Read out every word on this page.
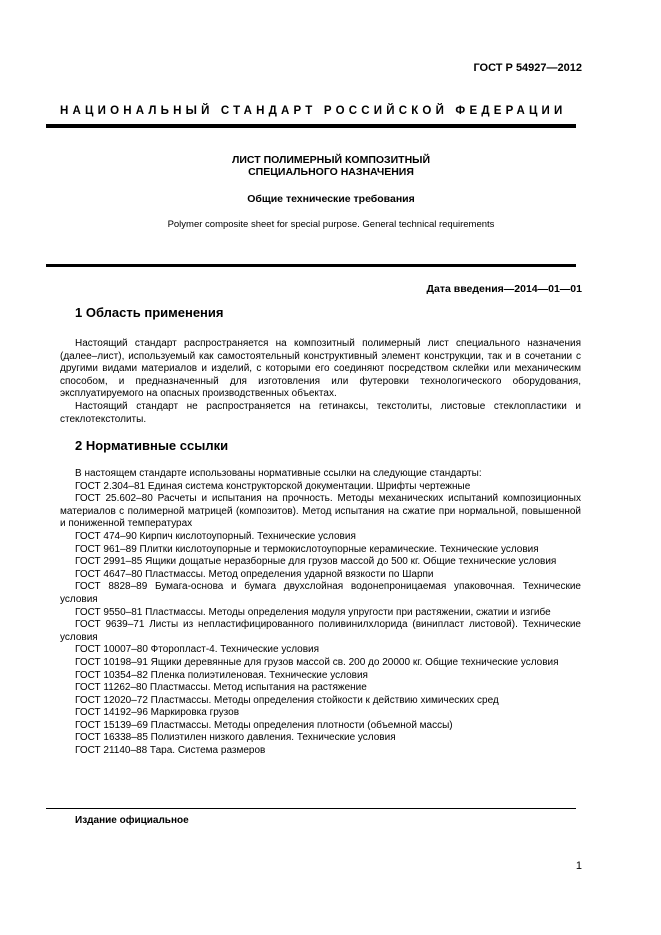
ГОСТ Р 54927—2012
НАЦИОНАЛЬНЫЙ СТАНДАРТ РОССИЙСКОЙ ФЕДЕРАЦИИ
ЛИСТ ПОЛИМЕРНЫЙ КОМПОЗИТНЫЙ
СПЕЦИАЛЬНОГО НАЗНАЧЕНИЯ
Общие технические требования
Polymer composite sheet for special purpose. General technical requirements
Дата введения—2014—01—01
1 Область применения

Настоящий стандарт распространяется на композитный полимерный лист специального назначения (далее–лист), используемый как самостоятельный конструктивный элемент конструкции, так и в сочетании с другими видами материалов и изделий, с которыми его соединяют посредством склейки или механическим способом, и предназначенный для изготовления или футеровки технологического оборудования, эксплуатируемого на опасных производственных объектах.

Настоящий стандарт не распространяется на гетинаксы, текстолиты, листовые стеклопластики и стеклотекстолиты.

2 Нормативные ссылки

В настоящем стандарте использованы нормативные ссылки на следующие стандарты:

ГОСТ 2.304–81 Единая система конструкторской документации. Шрифты чертежные

ГОСТ 25.602–80 Расчеты и испытания на прочность. Методы механических испытаний композиционных материалов с полимерной матрицей (композитов). Метод испытания на сжатие при нормальной, повышенной и пониженной температурах

ГОСТ 474–90 Кирпич кислотоупорный. Технические условия

ГОСТ 961–89 Плитки кислотоупорные и термокислотоупорные керамические. Технические условия

ГОСТ 2991–85 Ящики дощатые неразборные для грузов массой до 500 кг. Общие технические условия

ГОСТ 4647–80 Пластмассы. Метод определения ударной вязкости по Шарпи

ГОСТ 8828–89 Бумага-основа и бумага двухслойная водонепроницаемая упаковочная. Технические условия

ГОСТ 9550–81 Пластмассы. Методы определения модуля упругости при растяжении, сжатии и изгибе

ГОСТ 9639–71 Листы из непластифицированного поливинилхлорида (винипласт листовой). Технические условия

ГОСТ 10007–80 Фторопласт-4. Технические условия

ГОСТ 10198–91 Ящики деревянные для грузов массой св. 200 до 20000 кг. Общие технические условия

ГОСТ 10354–82 Пленка полиэтиленовая. Технические условия

ГОСТ 11262–80 Пластмассы. Метод испытания на растяжение

ГОСТ 12020–72 Пластмассы. Методы определения стойкости к действию химических сред

ГОСТ 14192–96 Маркировка грузов

ГОСТ 15139–69 Пластмассы. Методы определения плотности (объемной массы)

ГОСТ 16338–85 Полиэтилен низкого давления. Технические условия

ГОСТ 21140–88 Тара. Система размеров

Издание официальное
1
